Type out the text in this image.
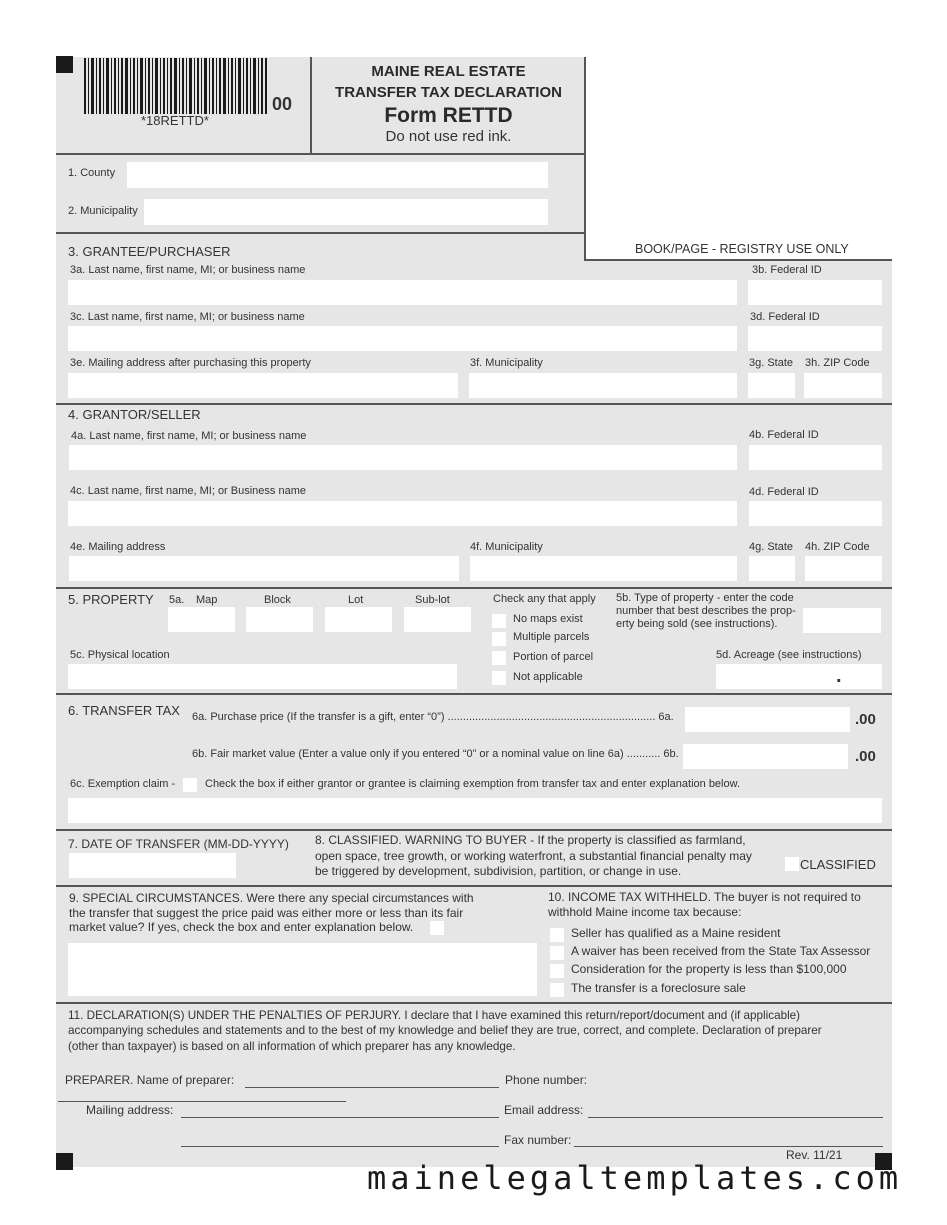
*18RETTD*
00
MAINE REAL ESTATE
TRANSFER TAX DECLARATION
Form RETTD
Do not use red ink.
1. County
2. Municipality
BOOK/PAGE - REGISTRY USE ONLY
3. GRANTEE/PURCHASER
3a. Last name, first name, MI; or business name	3b. Federal ID
3c. Last name, first name, MI; or business name	3d. Federal ID
3e. Mailing address after purchasing this property	3f. Municipality	3g. State 3h. ZIP Code
4. GRANTOR/SELLER
4a. Last name, first name, MI; or business name	4b. Federal ID
4c. Last name, first name, MI; or Business name	4d. Federal ID
4e. Mailing address	4f. Municipality	4g. State 4h. ZIP Code
5. PROPERTY 5a. Map	Block	Lot	Sub-lot	Check any that apply
No maps exist
Multiple parcels
Portion of parcel
Not applicable
5b. Type of property - enter the code
number that best describes the prop-
erty being sold (see instructions).
5c. Physical location	5d. Acreage (see instructions)
.
6. TRANSFER TAX 6a. Purchase price (If the transfer is a gift, enter “0”) .................................................................... 6a.	.00
6b. Fair market value (Enter a value only if you entered “0” or a nominal value on line 6a) ........... 6b.	.00
6c. Exemption claim -	Check the box if either grantor or grantee is claiming exemption from transfer tax and enter explanation below.
7. DATE OF TRANSFER (MM-DD-YYYY) 8. CLASSIFIED. WARNING TO BUYER - If the property is classified as farmland,
open space, tree growth, or working waterfront, a substantial financial penalty may
be triggered by development, subdivision, partition, or change in use.	CLASSIFIED
9. SPECIAL CIRCUMSTANCES. Were there any special circumstances with
the transfer that suggest the price paid was either more or less than its fair
market value? If yes, check the box and enter explanation below.
10. INCOME TAX WITHHELD. The buyer is not required to
withhold Maine income tax because:
Seller has qualified as a Maine resident
A waiver has been received from the State Tax Assessor
Consideration for the property is less than $100,000
The transfer is a foreclosure sale
11. DECLARATION(S) UNDER THE PENALTIES OF PERJURY. I declare that I have examined this return/report/document and (if applicable)
accompanying schedules and statements and to the best of my knowledge and belief they are true, correct, and complete. Declaration of preparer
(other than taxpayer) is based on all information of which preparer has any knowledge.
PREPARER. Name of preparer:	Phone number:
Mailing address:	Email address:
Fax number:
Rev. 11/21
mainelegaltemplates.com
